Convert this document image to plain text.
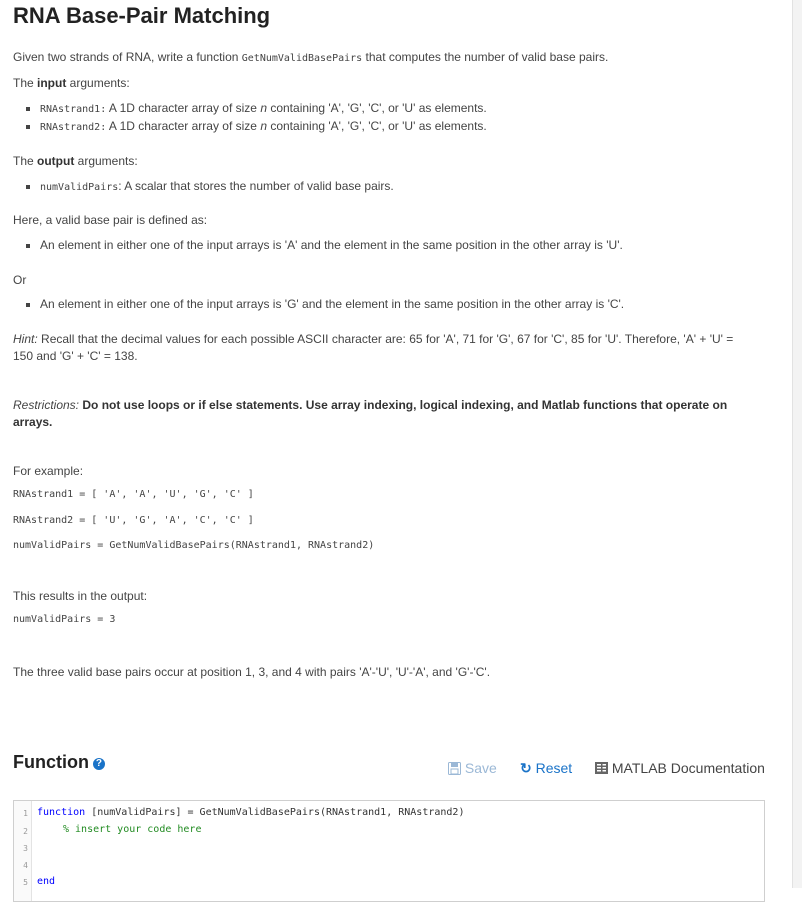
RNA Base-Pair Matching
Given two strands of RNA, write a function GetNumValidBasePairs that computes the number of valid base pairs.
The input arguments:
RNAstrand1: A 1D character array of size n containing 'A', 'G', 'C', or 'U' as elements.
RNAstrand2: A 1D character array of size n containing 'A', 'G', 'C', or 'U' as elements.
The output arguments:
numValidPairs: A scalar that stores the number of valid base pairs.
Here, a valid base pair is defined as:
An element in either one of the input arrays is 'A' and the element in the same position in the other array is 'U'.
Or
An element in either one of the input arrays is 'G' and the element in the same position in the other array is 'C'.
Hint: Recall that the decimal values for each possible ASCII character are: 65 for 'A', 71 for 'G', 67 for 'C', 85 for 'U'. Therefore, 'A' + 'U' =
150 and 'G' + 'C' = 138.
Restrictions: Do not use loops or if else statements. Use array indexing, logical indexing, and Matlab functions that operate on
arrays.
For example:
RNAstrand1 = [ 'A', 'A', 'U', 'G', 'C' ]
RNAstrand2 = [ 'U', 'G', 'A', 'C', 'C' ]
numValidPairs = GetNumValidBasePairs(RNAstrand1, RNAstrand2)
This results in the output:
numValidPairs = 3
The three valid base pairs occur at position 1, 3, and 4 with pairs 'A'-'U', 'U'-'A', and 'G'-'C'.
Function ?	Save ↻ Reset	MATLAB Documentation
1
2
3
4
5
function [numValidPairs] = GetNumValidBasePairs(RNAstrand1, RNAstrand2)
% insert your code here
end
